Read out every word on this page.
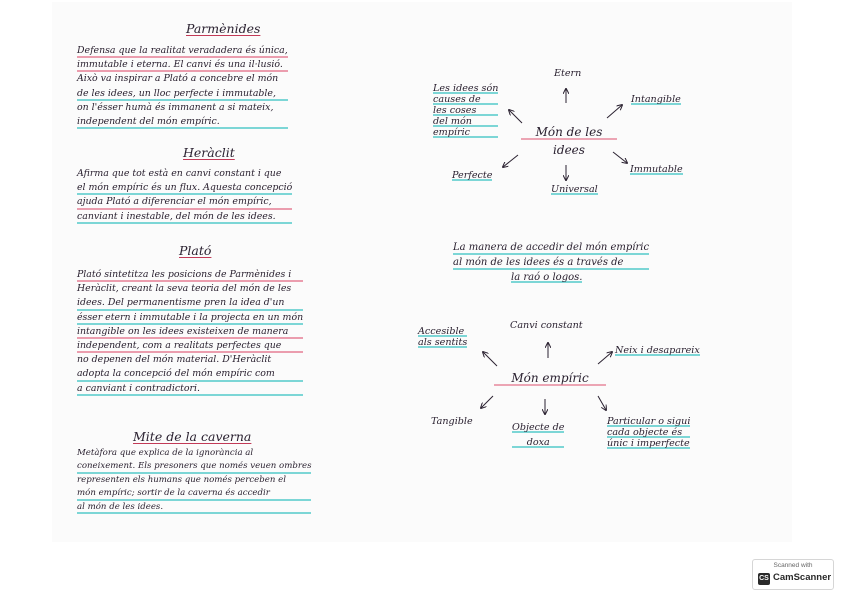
Parmènides
Defensa que la realitat veradadera és única,
immutable i eterna. El canvi és una il·lusió.
Això va inspirar a Plató a concebre el món
de les idees, un lloc perfecte i immutable,
on l'ésser humà és immanent a si mateix,
independent del món empíric.
Heràclit
Afirma que tot està en canvi constant i que
el món empíric és un flux. Aquesta concepció
ajuda Plató a diferenciar el món empíric,
canviant i inestable, del món de les idees.
Plató
Plató sintetitza les posicions de Parmènides i
Heràclit, creant la seva teoria del món de les
idees. Del permanentisme pren la idea d'un
ésser etern i immutable i la projecta en un món
intangible on les idees existeixen de manera
independent, com a realitats perfectes que
no depenen del món material. D'Heràclit
adopta la concepció del món empíric com
a canviant i contradictori.
Mite de la caverna
Metàfora que explica de la ignorància al
coneixement. Els presoners que només veuen ombres
representen els humans que només perceben el
món empíric; sortir de la caverna és accedir
al món de les idees.
Món de les
idees
Les idees són
causes de
les coses
del món
empíric
Etern
Intangible
Perfecte
Universal
Immutable
La manera de accedir del món empíric
al món de les idees és a través de
la raó o logos.
Món empíric
Accesible
als sentits
Canvi constant
Neix i desapareix
Tangible
Objecte de
doxa
Particular o sigui
cada objecte és
únic i imperfecte
Scanned with
CS CamScanner
